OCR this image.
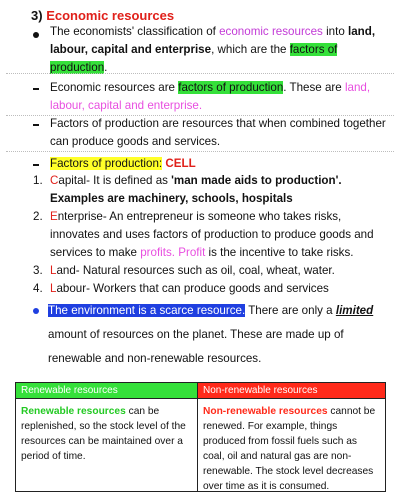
3) Economic resources
The economists' classification of economic resources into land, labour, capital and enterprise, which are the factors of production.
Economic resources are factors of production. These are land, labour, capital and enterprise.
Factors of production are resources that when combined together can produce goods and services.
Factors of production: CELL
1. Capital- It is defined as 'man made aids to production'. Examples are machinery, schools, hospitals
2. Enterprise- An entrepreneur is someone who takes risks, innovates and uses factors of production to produce goods and services to make profits. Profit is the incentive to take risks.
3. Land- Natural resources such as oil, coal, wheat, water.
4. Labour- Workers that can produce goods and services
The environment is a scarce resource. There are only a limited amount of resources on the planet. These are made up of renewable and non-renewable resources.
Renewable resources	Non-renewable resources
Renewable resources can be replenished, so the stock level of the resources can be maintained over a period of time.
Non-renewable resources cannot be renewed. For example, things produced from fossil fuels such as coal, oil and natural gas are non-renewable. The stock level decreases over time as it is consumed.
